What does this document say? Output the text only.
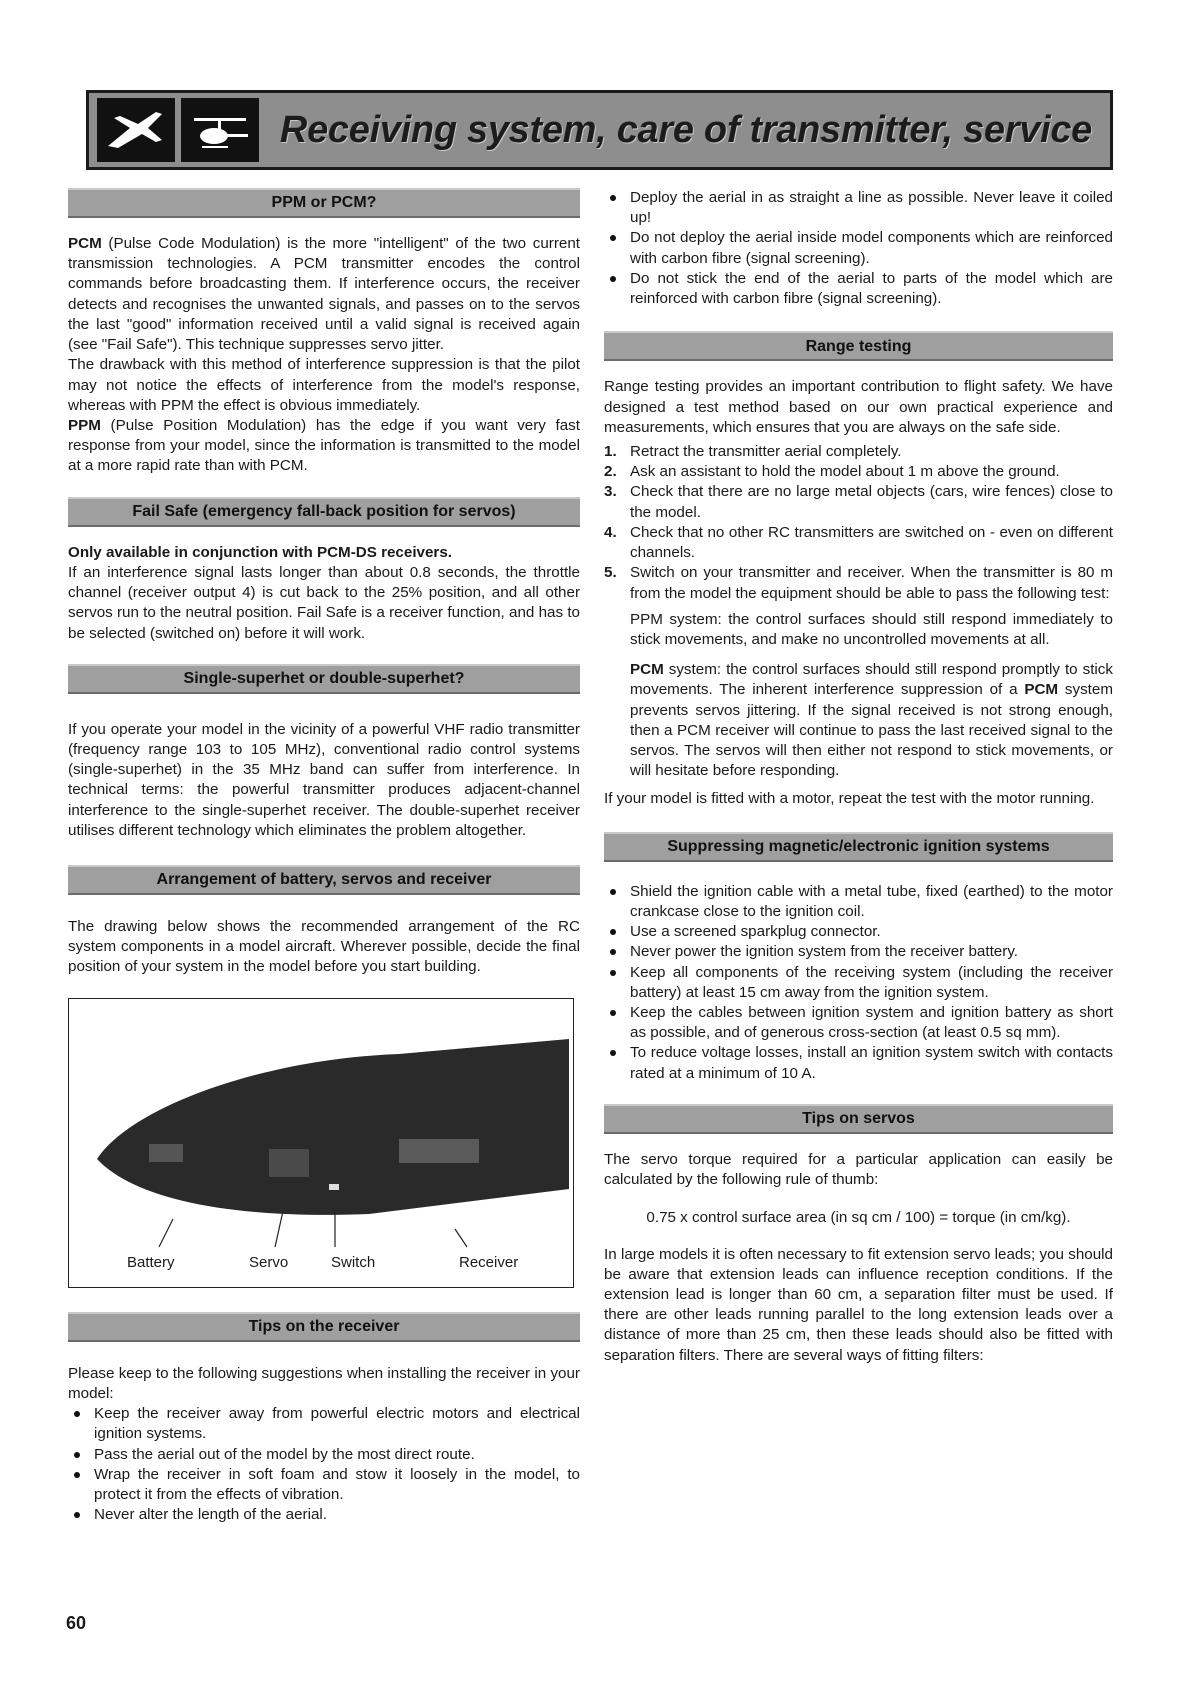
Receiving system, care of transmitter, service
PPM or PCM?

PCM (Pulse Code Modulation) is the more "intelligent" of the two current transmission technologies. A PCM transmitter encodes the control commands before broadcasting them. If interference occurs, the receiver detects and recognises the unwanted signals, and passes on to the servos the last "good" information received until a valid signal is received again (see "Fail Safe"). This technique suppresses servo jitter.

The drawback with this method of interference suppression is that the pilot may not notice the effects of interference from the model's response, whereas with PPM the effect is obvious immediately.

PPM (Pulse Position Modulation) has the edge if you want very fast response from your model, since the information is transmitted to the model at a more rapid rate than with PCM.

Fail Safe (emergency fall-back position for servos)

Only available in conjunction with PCM-DS receivers.

If an interference signal lasts longer than about 0.8 seconds, the throttle channel (receiver output 4) is cut back to the 25% position, and all other servos run to the neutral position. Fail Safe is a receiver function, and has to be selected (switched on) before it will work.

Single-superhet or double-superhet?

If you operate your model in the vicinity of a powerful VHF radio transmitter (frequency range 103 to 105 MHz), conventional radio control systems (single-superhet) in the 35 MHz band can suffer from interference. In technical terms: the powerful transmitter produces adjacent-channel interference to the single-superhet receiver. The double-superhet receiver utilises different technology which eliminates the problem altogether.

Arrangement of battery, servos and receiver

The drawing below shows the recommended arrangement of the RC system components in a model aircraft. Wherever possible, decide the final position of your system in the model before you start building.

Battery	Servo	Switch	Receiver
Tips on the receiver

Please keep to the following suggestions when installing the receiver in your model:

Keep the receiver away from powerful electric motors and electrical ignition systems.
Pass the aerial out of the model by the most direct route.
Wrap the receiver in soft foam and stow it loosely in the model, to protect it from the effects of vibration.
Never alter the length of the aerial.
Deploy the aerial in as straight a line as possible. Never leave it coiled up!
Do not deploy the aerial inside model components which are reinforced with carbon fibre (signal screening).
Do not stick the end of the aerial to parts of the model which are reinforced with carbon fibre (signal screening).
Range testing

Range testing provides an important contribution to flight safety. We have designed a test method based on our own practical experience and measurements, which ensures that you are always on the safe side.

1. Retract the transmitter aerial completely.
2. Ask an assistant to hold the model about 1 m above the ground.
3. Check that there are no large metal objects (cars, wire fences) close to the model.
4. Check that no other RC transmitters are switched on - even on different channels.
5. Switch on your transmitter and receiver. When the transmitter is 80 m from the model the equipment should be able to pass the following test:

PPM system: the control surfaces should still respond immediately to stick movements, and make no uncontrolled movements at all.

PCM system: the control surfaces should still respond promptly to stick movements. The inherent interference suppression of a PCM system prevents servos jittering. If the signal received is not strong enough, then a PCM receiver will continue to pass the last received signal to the servos. The servos will then either not respond to stick movements, or will hesitate before responding.

If your model is fitted with a motor, repeat the test with the motor running.

Suppressing magnetic/electronic ignition systems
Shield the ignition cable with a metal tube, fixed (earthed) to the motor crankcase close to the ignition coil.
Use a screened sparkplug connector.
Never power the ignition system from the receiver battery.
Keep all components of the receiving system (including the receiver battery) at least 15 cm away from the ignition system.
Keep the cables between ignition system and ignition battery as short as possible, and of generous cross-section (at least 0.5 sq mm).
To reduce voltage losses, install an ignition system switch with contacts rated at a minimum of 10 A.
Tips on servos

The servo torque required for a particular application can easily be calculated by the following rule of thumb:

0.75 x control surface area (in sq cm / 100) = torque (in cm/kg).

In large models it is often necessary to fit extension servo leads; you should be aware that extension leads can influence reception conditions. If the extension lead is longer than 60 cm, a separation filter must be used. If there are other leads running parallel to the long extension leads over a distance of more than 25 cm, then these leads should also be fitted with separation filters. There are several ways of fitting filters:

60
